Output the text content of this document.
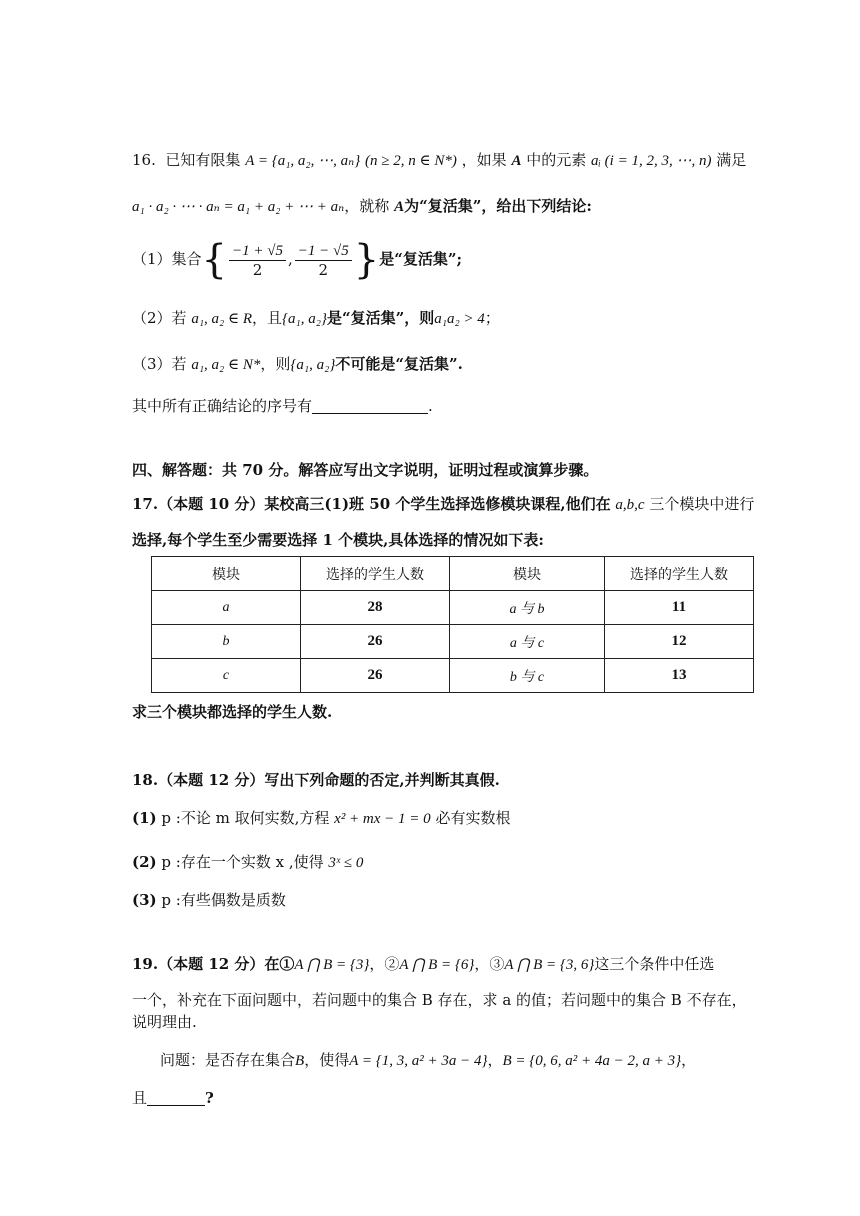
16. 已知有限集 A = {a₁, a₂, ⋯, aₙ} (n ≥ 2, n ∈ N*) ，如果 A 中的元素 aᵢ (i = 1, 2, 3, ⋯, n) 满足
a₁ · a₂ · ⋯ · aₙ = a₁ + a₂ + ⋯ + aₙ，就称 A为“复活集”，给出下列结论:
（1）集合{ $\frac{-1 + √5}{2}$ , $\frac{-1 - √5}{2}$ }是“复活集”;
（2）若 a₁, a₂ ∈ R，且{a₁, a₂}是“复活集”，则a₁a₂ > 4；
（3）若 a₁, a₂ ∈ N*，则{a₁, a₂}不可能是“复活集”.
其中所有正确结论的序号有	.
四、解答题：共 70 分。解答应写出文字说明，证明过程或演算步骤。
17.（本题 10 分）某校高三(1)班 50 个学生选择选修模块课程,他们在 a,b,c 三个模块中进行
选择,每个学生至少需要选择 1 个模块,具体选择的情况如下表:
模块	选择的学生人数	模块	选择的学生人数
a	28	a 与 b	11
b	26	a 与 c	12
c	26	b 与 c	13
求三个模块都选择的学生人数.
18.（本题 12 分）写出下列命题的否定,并判断其真假.
(1) p :不论 m 取何实数,方程 x² + mx − 1 = 0 必有实数根
(2) p :存在一个实数 x ,使得 3ˣ ≤ 0
(3) p :有些偶数是质数
19.（本题 12 分）在①A ⋂ B = {3}，②A ⋂ B = {6}，③A ⋂ B = {3, 6}这三个条件中任选
一个，补充在下面问题中，若问题中的集合 B 存在，求 a 的值；若问题中的集合 B 不存在，
说明理由.
问题：是否存在集合B，使得A = {1, 3, a² + 3a − 4}，B = {0, 6, a² + 4a − 2, a + 3}，
且	?
